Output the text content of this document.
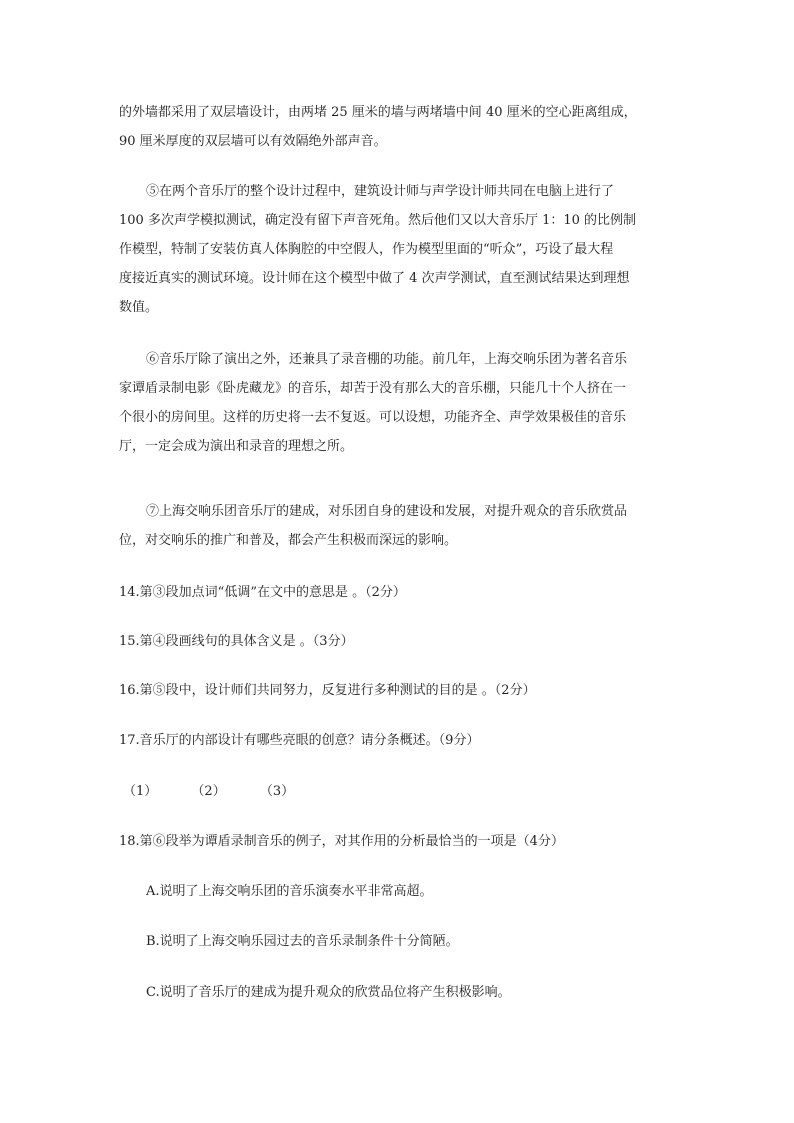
的外墙都采用了双层墙设计，由两堵 25 厘米的墙与两堵墙中间 40 厘米的空心距离组成，
90 厘米厚度的双层墙可以有效隔绝外部声音。
⑤在两个音乐厅的整个设计过程中，建筑设计师与声学设计师共同在电脑上进行了
100 多次声学模拟测试，确定没有留下声音死角。然后他们又以大音乐厅 1：10 的比例制
作模型，特制了安装仿真人体胸腔的中空假人，作为模型里面的“听众”，巧设了最大程
度接近真实的测试环境。设计师在这个模型中做了 4 次声学测试，直至测试结果达到理想
数值。
⑥音乐厅除了演出之外，还兼具了录音棚的功能。前几年，上海交响乐团为著名音乐
家谭盾录制电影《卧虎藏龙》的音乐，却苦于没有那么大的音乐棚，只能几十个人挤在一
个很小的房间里。这样的历史将一去不复返。可以设想，功能齐全、声学效果极佳的音乐
厅，一定会成为演出和录音的理想之所。
⑦上海交响乐团音乐厅的建成，对乐团自身的建设和发展，对提升观众的音乐欣赏品
位，对交响乐的推广和普及，都会产生积极而深远的影响。

14.第③段加点词“低调”在文中的意思是 。（2分）

15.第④段画线句的具体含义是 。（3分）

16.第⑤段中，设计师们共同努力，反复进行多种测试的目的是 。（2分）

17.音乐厅的内部设计有哪些亮眼的创意？请分条概述。（9分）

（1）	（2）	（3）

18.第⑥段举为谭盾录制音乐的例子，对其作用的分析最恰当的一项是（4分）

A.说明了上海交响乐团的音乐演奏水平非常高超。

B.说明了上海交响乐园过去的音乐录制条件十分简陋。

C.说明了音乐厅的建成为提升观众的欣赏品位将产生积极影响。
